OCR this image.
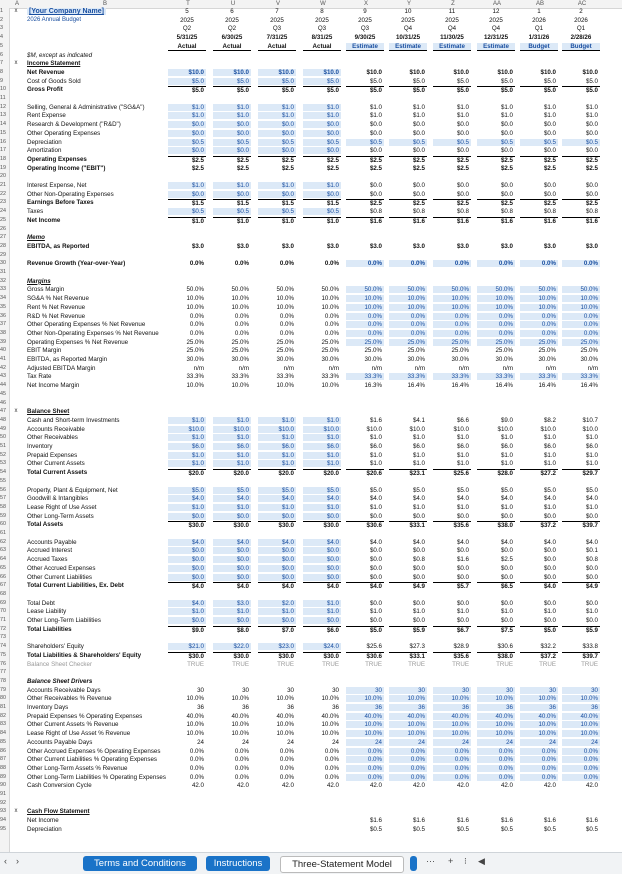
A	B	T	U	V	W	X	Y	Z	AA	AB	AC
1
2
3
4
5
6
7
8
9
10
11
12
13
14
15
16
17
18
19
20
21
22
23
24
25
26
27
28
29
30
31
32
33
34
35
36
37
38
39
40
41
42
43
44
45
46
47
48
49
50
51
52
53
54
55
56
57
58
59
60
61
62
63
64
65
66
67
68
69
70
71
72
73
74
75
76
77
78
79
80
81
82
83
84
85
86
87
88
89
90
91
92
93
94
95
x	[Your Company Name]
2026 Annual Budget
$M, except as indicated
x	Income Statement
5	6	7	8	9	10	11	12	1	2
2025	2025	2025	2025	2025	2025	2025	2025	2026	2026
Q2	Q2	Q3	Q3	Q3	Q4	Q4	Q4	Q1	Q1
5/31/25	6/30/25	7/31/25	8/31/25	9/30/25	10/31/25	11/30/25	12/31/25	1/31/26	2/28/26
Actual	Actual	Actual	Actual	Estimate	Estimate	Estimate	Estimate	Budget	Budget
Net Revenue	$10.0	$10.0	$10.0	$10.0	$10.0	$10.0	$10.0	$10.0	$10.0	$10.0
Cost of Goods Sold	$5.0	$5.0	$5.0	$5.0	$5.0	$5.0	$5.0	$5.0	$5.0	$5.0
Gross Profit	$5.0	$5.0	$5.0	$5.0	$5.0	$5.0	$5.0	$5.0	$5.0	$5.0
Selling, General & Administrative ("SG&A")	$1.0	$1.0	$1.0	$1.0	$1.0	$1.0	$1.0	$1.0	$1.0	$1.0
Rent Expense	$1.0	$1.0	$1.0	$1.0	$1.0	$1.0	$1.0	$1.0	$1.0	$1.0
Research & Development ("R&D")	$0.0	$0.0	$0.0	$0.0	$0.0	$0.0	$0.0	$0.0	$0.0	$0.0
Other Operating Expenses	$0.0	$0.0	$0.0	$0.0	$0.0	$0.0	$0.0	$0.0	$0.0	$0.0
Depreciation	$0.5	$0.5	$0.5	$0.5	$0.5	$0.5	$0.5	$0.5	$0.5	$0.5
Amortization	$0.0	$0.0	$0.0	$0.0	$0.0	$0.0	$0.0	$0.0	$0.0	$0.0
Operating Expenses	$2.5	$2.5	$2.5	$2.5	$2.5	$2.5	$2.5	$2.5	$2.5	$2.5
Operating Income ("EBIT")	$2.5	$2.5	$2.5	$2.5	$2.5	$2.5	$2.5	$2.5	$2.5	$2.5
Interest Expense, Net	$1.0	$1.0	$1.0	$1.0	$0.0	$0.0	$0.0	$0.0	$0.0	$0.0
Other Non-Operating Expenses	$0.0	$0.0	$0.0	$0.0	$0.0	$0.0	$0.0	$0.0	$0.0	$0.0
Earnings Before Taxes	$1.5	$1.5	$1.5	$1.5	$2.5	$2.5	$2.5	$2.5	$2.5	$2.5
Taxes	$0.5	$0.5	$0.5	$0.5	$0.8	$0.8	$0.8	$0.8	$0.8	$0.8
Net Income	$1.0	$1.0	$1.0	$1.0	$1.6	$1.6	$1.6	$1.6	$1.6	$1.6
Memo
EBITDA, as Reported	$3.0	$3.0	$3.0	$3.0	$3.0	$3.0	$3.0	$3.0	$3.0	$3.0
Revenue Growth (Year-over-Year)	0.0%	0.0%	0.0%	0.0%	0.0%	0.0%	0.0%	0.0%	0.0%	0.0%
Margins
Gross Margin	50.0%	50.0%	50.0%	50.0%	50.0%	50.0%	50.0%	50.0%	50.0%	50.0%
SG&A % Net Revenue	10.0%	10.0%	10.0%	10.0%	10.0%	10.0%	10.0%	10.0%	10.0%	10.0%
Rent % Net Revenue	10.0%	10.0%	10.0%	10.0%	10.0%	10.0%	10.0%	10.0%	10.0%	10.0%
R&D % Net Revenue	0.0%	0.0%	0.0%	0.0%	0.0%	0.0%	0.0%	0.0%	0.0%	0.0%
Other Operating Expenses % Net Revenue	0.0%	0.0%	0.0%	0.0%	0.0%	0.0%	0.0%	0.0%	0.0%	0.0%
Other Non-Operating Expenses % Net Revenue	0.0%	0.0%	0.0%	0.0%	0.0%	0.0%	0.0%	0.0%	0.0%	0.0%
Operating Expenses % Net Revenue	25.0%	25.0%	25.0%	25.0%	25.0%	25.0%	25.0%	25.0%	25.0%	25.0%
EBIT Margin	25.0%	25.0%	25.0%	25.0%	25.0%	25.0%	25.0%	25.0%	25.0%	25.0%
EBITDA, as Reported Margin	30.0%	30.0%	30.0%	30.0%	30.0%	30.0%	30.0%	30.0%	30.0%	30.0%
Adjusted EBITDA Margin	n/m	n/m	n/m	n/m	n/m	n/m	n/m	n/m	n/m	n/m
Tax Rate	33.3%	33.3%	33.3%	33.3%	33.3%	33.3%	33.3%	33.3%	33.3%	33.3%
Net Income Margin	10.0%	10.0%	10.0%	10.0%	16.3%	16.4%	16.4%	16.4%	16.4%	16.4%
x	Balance Sheet
Cash and Short-term Investments	$1.0	$1.0	$1.0	$1.0	$1.6	$4.1	$6.6	$9.0	$8.2	$10.7
Accounts Receivable	$10.0	$10.0	$10.0	$10.0	$10.0	$10.0	$10.0	$10.0	$10.0	$10.0
Other Receivables	$1.0	$1.0	$1.0	$1.0	$1.0	$1.0	$1.0	$1.0	$1.0	$1.0
Inventory	$6.0	$6.0	$6.0	$6.0	$6.0	$6.0	$6.0	$6.0	$6.0	$6.0
Prepaid Expenses	$1.0	$1.0	$1.0	$1.0	$1.0	$1.0	$1.0	$1.0	$1.0	$1.0
Other Current Assets	$1.0	$1.0	$1.0	$1.0	$1.0	$1.0	$1.0	$1.0	$1.0	$1.0
Total Current Assets	$20.0	$20.0	$20.0	$20.0	$20.6	$23.1	$25.6	$28.0	$27.2	$29.7
Property, Plant & Equipment, Net	$5.0	$5.0	$5.0	$5.0	$5.0	$5.0	$5.0	$5.0	$5.0	$5.0
Goodwill & Intangibles	$4.0	$4.0	$4.0	$4.0	$4.0	$4.0	$4.0	$4.0	$4.0	$4.0
Lease Right of Use Asset	$1.0	$1.0	$1.0	$1.0	$1.0	$1.0	$1.0	$1.0	$1.0	$1.0
Other Long-Term Assets	$0.0	$0.0	$0.0	$0.0	$0.0	$0.0	$0.0	$0.0	$0.0	$0.0
Total Assets	$30.0	$30.0	$30.0	$30.0	$30.6	$33.1	$35.6	$38.0	$37.2	$39.7
Accounts Payable	$4.0	$4.0	$4.0	$4.0	$4.0	$4.0	$4.0	$4.0	$4.0	$4.0
Accrued Interest	$0.0	$0.0	$0.0	$0.0	$0.0	$0.0	$0.0	$0.0	$0.0	$0.1
Accrued Taxes	$0.0	$0.0	$0.0	$0.0	$0.0	$0.8	$1.6	$2.5	$0.0	$0.8
Other Accrued Expenses	$0.0	$0.0	$0.0	$0.0	$0.0	$0.0	$0.0	$0.0	$0.0	$0.0
Other Current Liabilities	$0.0	$0.0	$0.0	$0.0	$0.0	$0.0	$0.0	$0.0	$0.0	$0.0
Total Current Liabilities, Ex. Debt	$4.0	$4.0	$4.0	$4.0	$4.0	$4.9	$5.7	$6.5	$4.0	$4.9
Total Debt	$4.0	$3.0	$2.0	$1.0	$0.0	$0.0	$0.0	$0.0	$0.0	$0.0
Lease Liability	$1.0	$1.0	$1.0	$1.0	$1.0	$1.0	$1.0	$1.0	$1.0	$1.0
Other Long-Term Liabilities	$0.0	$0.0	$0.0	$0.0	$0.0	$0.0	$0.0	$0.0	$0.0	$0.0
Total Liabilities	$9.0	$8.0	$7.0	$6.0	$5.0	$5.9	$6.7	$7.5	$5.0	$5.9
Shareholders' Equity	$21.0	$22.0	$23.0	$24.0	$25.6	$27.3	$28.9	$30.6	$32.2	$33.8
Total Liabilities & Shareholders' Equity	$30.0	$30.0	$30.0	$30.0	$30.6	$33.1	$35.6	$38.0	$37.2	$39.7
Balance Sheet Checker	TRUE	TRUE	TRUE	TRUE	TRUE	TRUE	TRUE	TRUE	TRUE	TRUE
Balance Sheet Drivers
Accounts Receivable Days	30	30	30	30	30	30	30	30	30	30
Other Receivables % Revenue	10.0%	10.0%	10.0%	10.0%	10.0%	10.0%	10.0%	10.0%	10.0%	10.0%
Inventory Days	36	36	36	36	36	36	36	36	36	36
Prepaid Expenses % Operating Expenses	40.0%	40.0%	40.0%	40.0%	40.0%	40.0%	40.0%	40.0%	40.0%	40.0%
Other Current Assets % Revenue	10.0%	10.0%	10.0%	10.0%	10.0%	10.0%	10.0%	10.0%	10.0%	10.0%
Lease Right of Use Asset % Revenue	10.0%	10.0%	10.0%	10.0%	10.0%	10.0%	10.0%	10.0%	10.0%	10.0%
Accounts Payable Days	24	24	24	24	24	24	24	24	24	24
Other Accrued Expenses % Operating Expenses	0.0%	0.0%	0.0%	0.0%	0.0%	0.0%	0.0%	0.0%	0.0%	0.0%
Other Current Liabilities % Operating Expenses	0.0%	0.0%	0.0%	0.0%	0.0%	0.0%	0.0%	0.0%	0.0%	0.0%
Other Long-Term Assets % Revenue	0.0%	0.0%	0.0%	0.0%	0.0%	0.0%	0.0%	0.0%	0.0%	0.0%
Other Long-Term Liabilities % Operating Expenses	0.0%	0.0%	0.0%	0.0%	0.0%	0.0%	0.0%	0.0%	0.0%	0.0%
Cash Conversion Cycle	42.0	42.0	42.0	42.0	42.0	42.0	42.0	42.0	42.0	42.0
x	Cash Flow Statement
Net Income	$1.6	$1.6	$1.6	$1.6	$1.6	$1.6
Depreciation	$0.5	$0.5	$0.5	$0.5	$0.5	$0.5
‹ ›	Terms and Conditions	Instructions	Three-Statement Model	··· + ⁝ ◀
